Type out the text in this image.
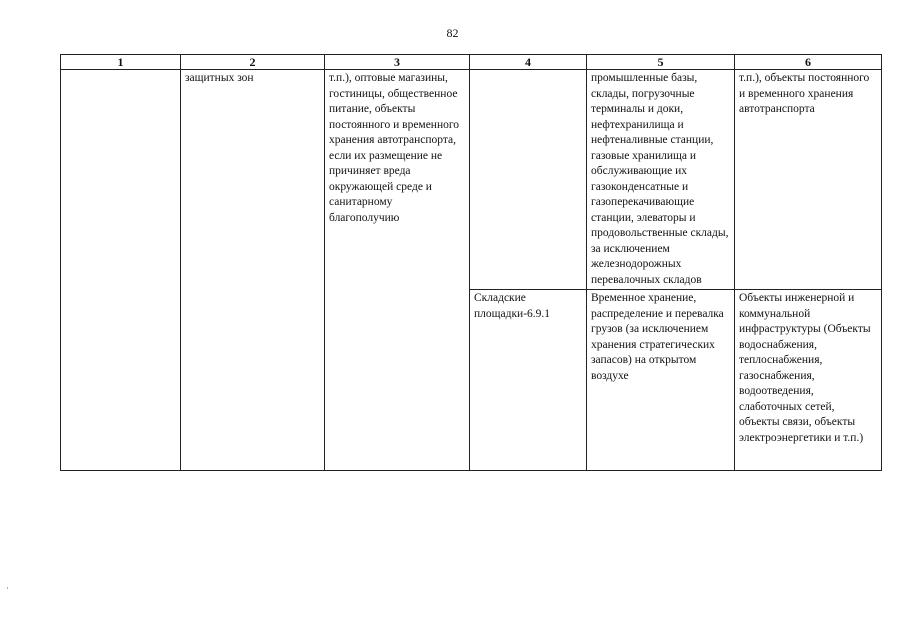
82
1	2	3	4	5	6
	защитных зон	т.п.), оптовые магазины, гостиницы, общественное питание, объекты постоянного и временного хранения автотранспорта, если их размещение не причиняет вреда окружающей среде и санитарному благополучию		промышленные базы, склады, погрузочные терминалы и доки, нефтехранилища и нефтеналивные станции, газовые хранилища и обслуживающие их газоконденсатные и газоперекачивающие станции, элеваторы и продовольственные склады, за исключением железнодорожных перевалочных складов	т.п.), объекты постоянного и временного хранения автотранспорта
			Складские площадки-6.9.1	Временное хранение, распределение и перевалка грузов (за исключением хранения стратегических запасов) на открытом воздухе	Объекты инженерной и коммунальной инфраструктуры (Объекты водоснабжения, теплоснабжения, газоснабжения, водоотведения, слаботочных сетей, объекты связи, объекты электроэнергетики и т.п.)
·
